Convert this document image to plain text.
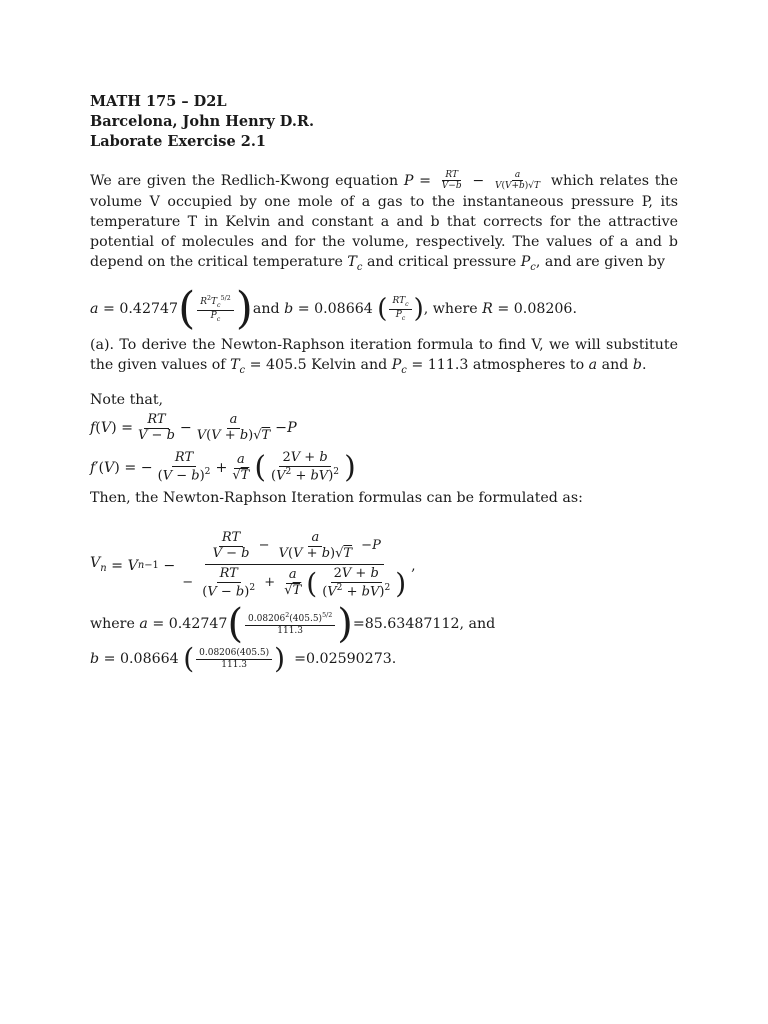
MATH 175 – D2L
Barcelona, John Henry D.R.
Laborate Exercise 2.1
We are given the Redlich-Kwong equation $P = \frac{RT}{V-b} - \frac{a}{V(V+b)√T}$ which relates the volume V occupied by one mole of a gas to the instantaneous pressure P, its temperature T in Kelvin and constant a and b that corrects for the attractive potential of molecules and for the volume, respectively. The values of a and b depend on the critical temperature $T_c$ and critical pressure $P_c$, and are given by
a = 0.42747 ( $\frac{R^2T_c^{5/2}}{P_c}$ ) and
b = 0.08664
( $\frac{RT_c}{P_c}$ ) , where
R = 0.08206 .
(a). To derive the Newton-Raphson iteration formula to find V, we will substitute the given values of $T_c = 405.5$ Kelvin and $P_c = 111.3$ atmospheres to a and b.
Note that,
f ( V ) = $\frac{RT}{V - b} - \frac{a}{V(V + b)√T} - P$
f ′( V ) = − $\frac{RT}{(V - b)^2} + \frac{a}{√T}$ ( $\frac{2V + b}{(V^2 + bV)^2}$ )
Then, the Newton-Raphson Iteration formulas can be formulated as:
$V_n = V$ n−1 −
$\frac{RT}{V - b} - \frac{a}{V(V + b)√T} - P$
− $\frac{RT}{(V - b)^2} + \frac{a}{√T}$ ( $\frac{2V + b}{(V^2 + bV)^2}$ )
,
where
a = 0.42747 ( $\frac{0.08206^2(405.5)^{5/2}}{111.3}$ ) =85.63487112, and
b = 0.08664
( $\frac{0.08206(405.5)}{111.3}$ )
=0.02590273.
